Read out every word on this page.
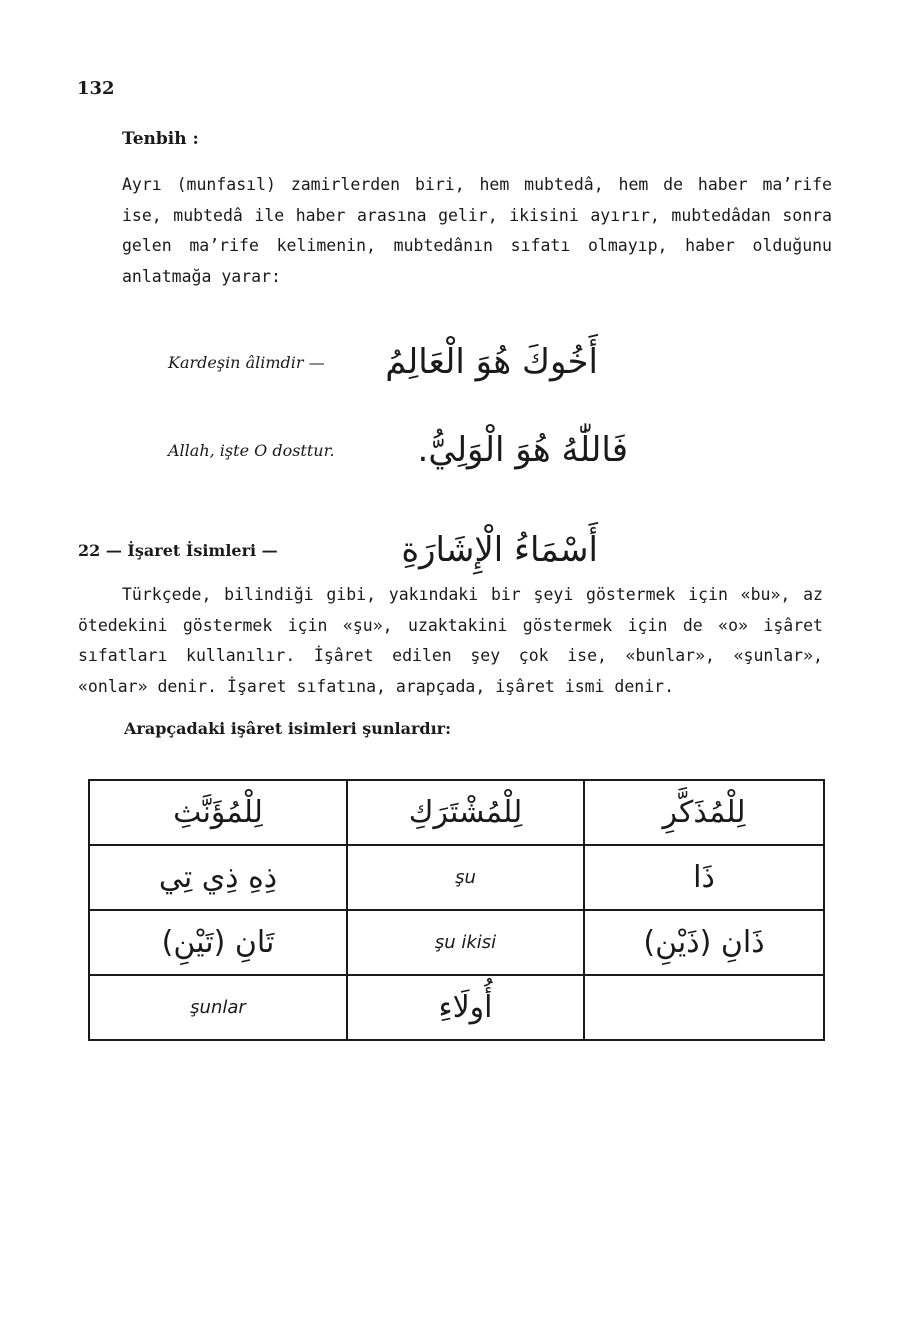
132
Tenbih :

Ayrı (munfasıl) zamirlerden biri, hem mubtedâ, hem de haber ma’rife ise, mubtedâ ile haber arasına gelir, ikisini ayırır, mubtedâdan sonra gelen ma’rife kelimenin, mubtedânın sıfatı olmayıp, haber olduğunu anlatmağa yarar:

Kardeşin âlimdir — أَخُوكَ هُوَ الْعَالِمُ
Allah, işte O dosttur. فَاللّٰهُ هُوَ الْوَلِيُّ.
22 — İşaret İsimleri —	أَسْمَاءُ الْإِشَارَةِ

Türkçede, bilindiği gibi, yakındaki bir şeyi göstermek için «bu», az ötedekini göstermek için «şu», uzaktakini göstermek için de «o» işâret sıfatları kullanılır. İşâret edilen şey çok ise, «bunlar», «şunlar», «onlar» denir. İşaret sıfatına, arapçada, işâret ismi denir.

Arapçadaki işâret isimleri şunlardır:
لِلْمُؤَنَّثِ	لِلْمُشْتَرَكِ	لِلْمُذَكَّرِ
ذِهِ ذِي تِي	şu	ذَا
تَانِ (تَيْنِ)	şu ikisi	ذَانِ (ذَيْنِ)
şunlar	أُولَاءِ	
